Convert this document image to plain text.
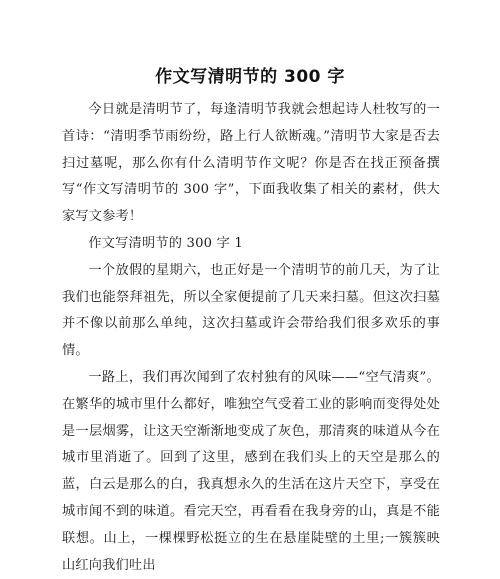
作文写清明节的 300 字

今日就是清明节了，每逢清明节我就会想起诗人杜牧写的一首诗：“清明季节雨纷纷，路上行人欲断魂。”清明节大家是否去扫过墓呢，那么你有什么清明节作文呢？你是否在找正预备撰写“作文写清明节的 300 字”，下面我收集了相关的素材，供大家写文参考！

作文写清明节的 300 字 1

一个放假的星期六，也正好是一个清明节的前几天，为了让我们也能祭拜祖先，所以全家便提前了几天来扫墓。但这次扫墓并不像以前那么单纯，这次扫墓或许会带给我们很多欢乐的事情。

一路上，我们再次闻到了农村独有的风味——“空气清爽”。在繁华的城市里什么都好，唯独空气受着工业的影响而变得处处是一层烟雾，让这天空渐渐地变成了灰色，那清爽的味道从今在城市里消逝了。回到了这里，感到在我们头上的天空是那么的蓝，白云是那么的白，我真想永久的生活在这片天空下，享受在城市闻不到的味道。看完天空，再看看在我身旁的山，真是不能联想。山上，一棵棵野松挺立的生在悬崖陡壁的土里;一簇簇映山红向我们吐出
